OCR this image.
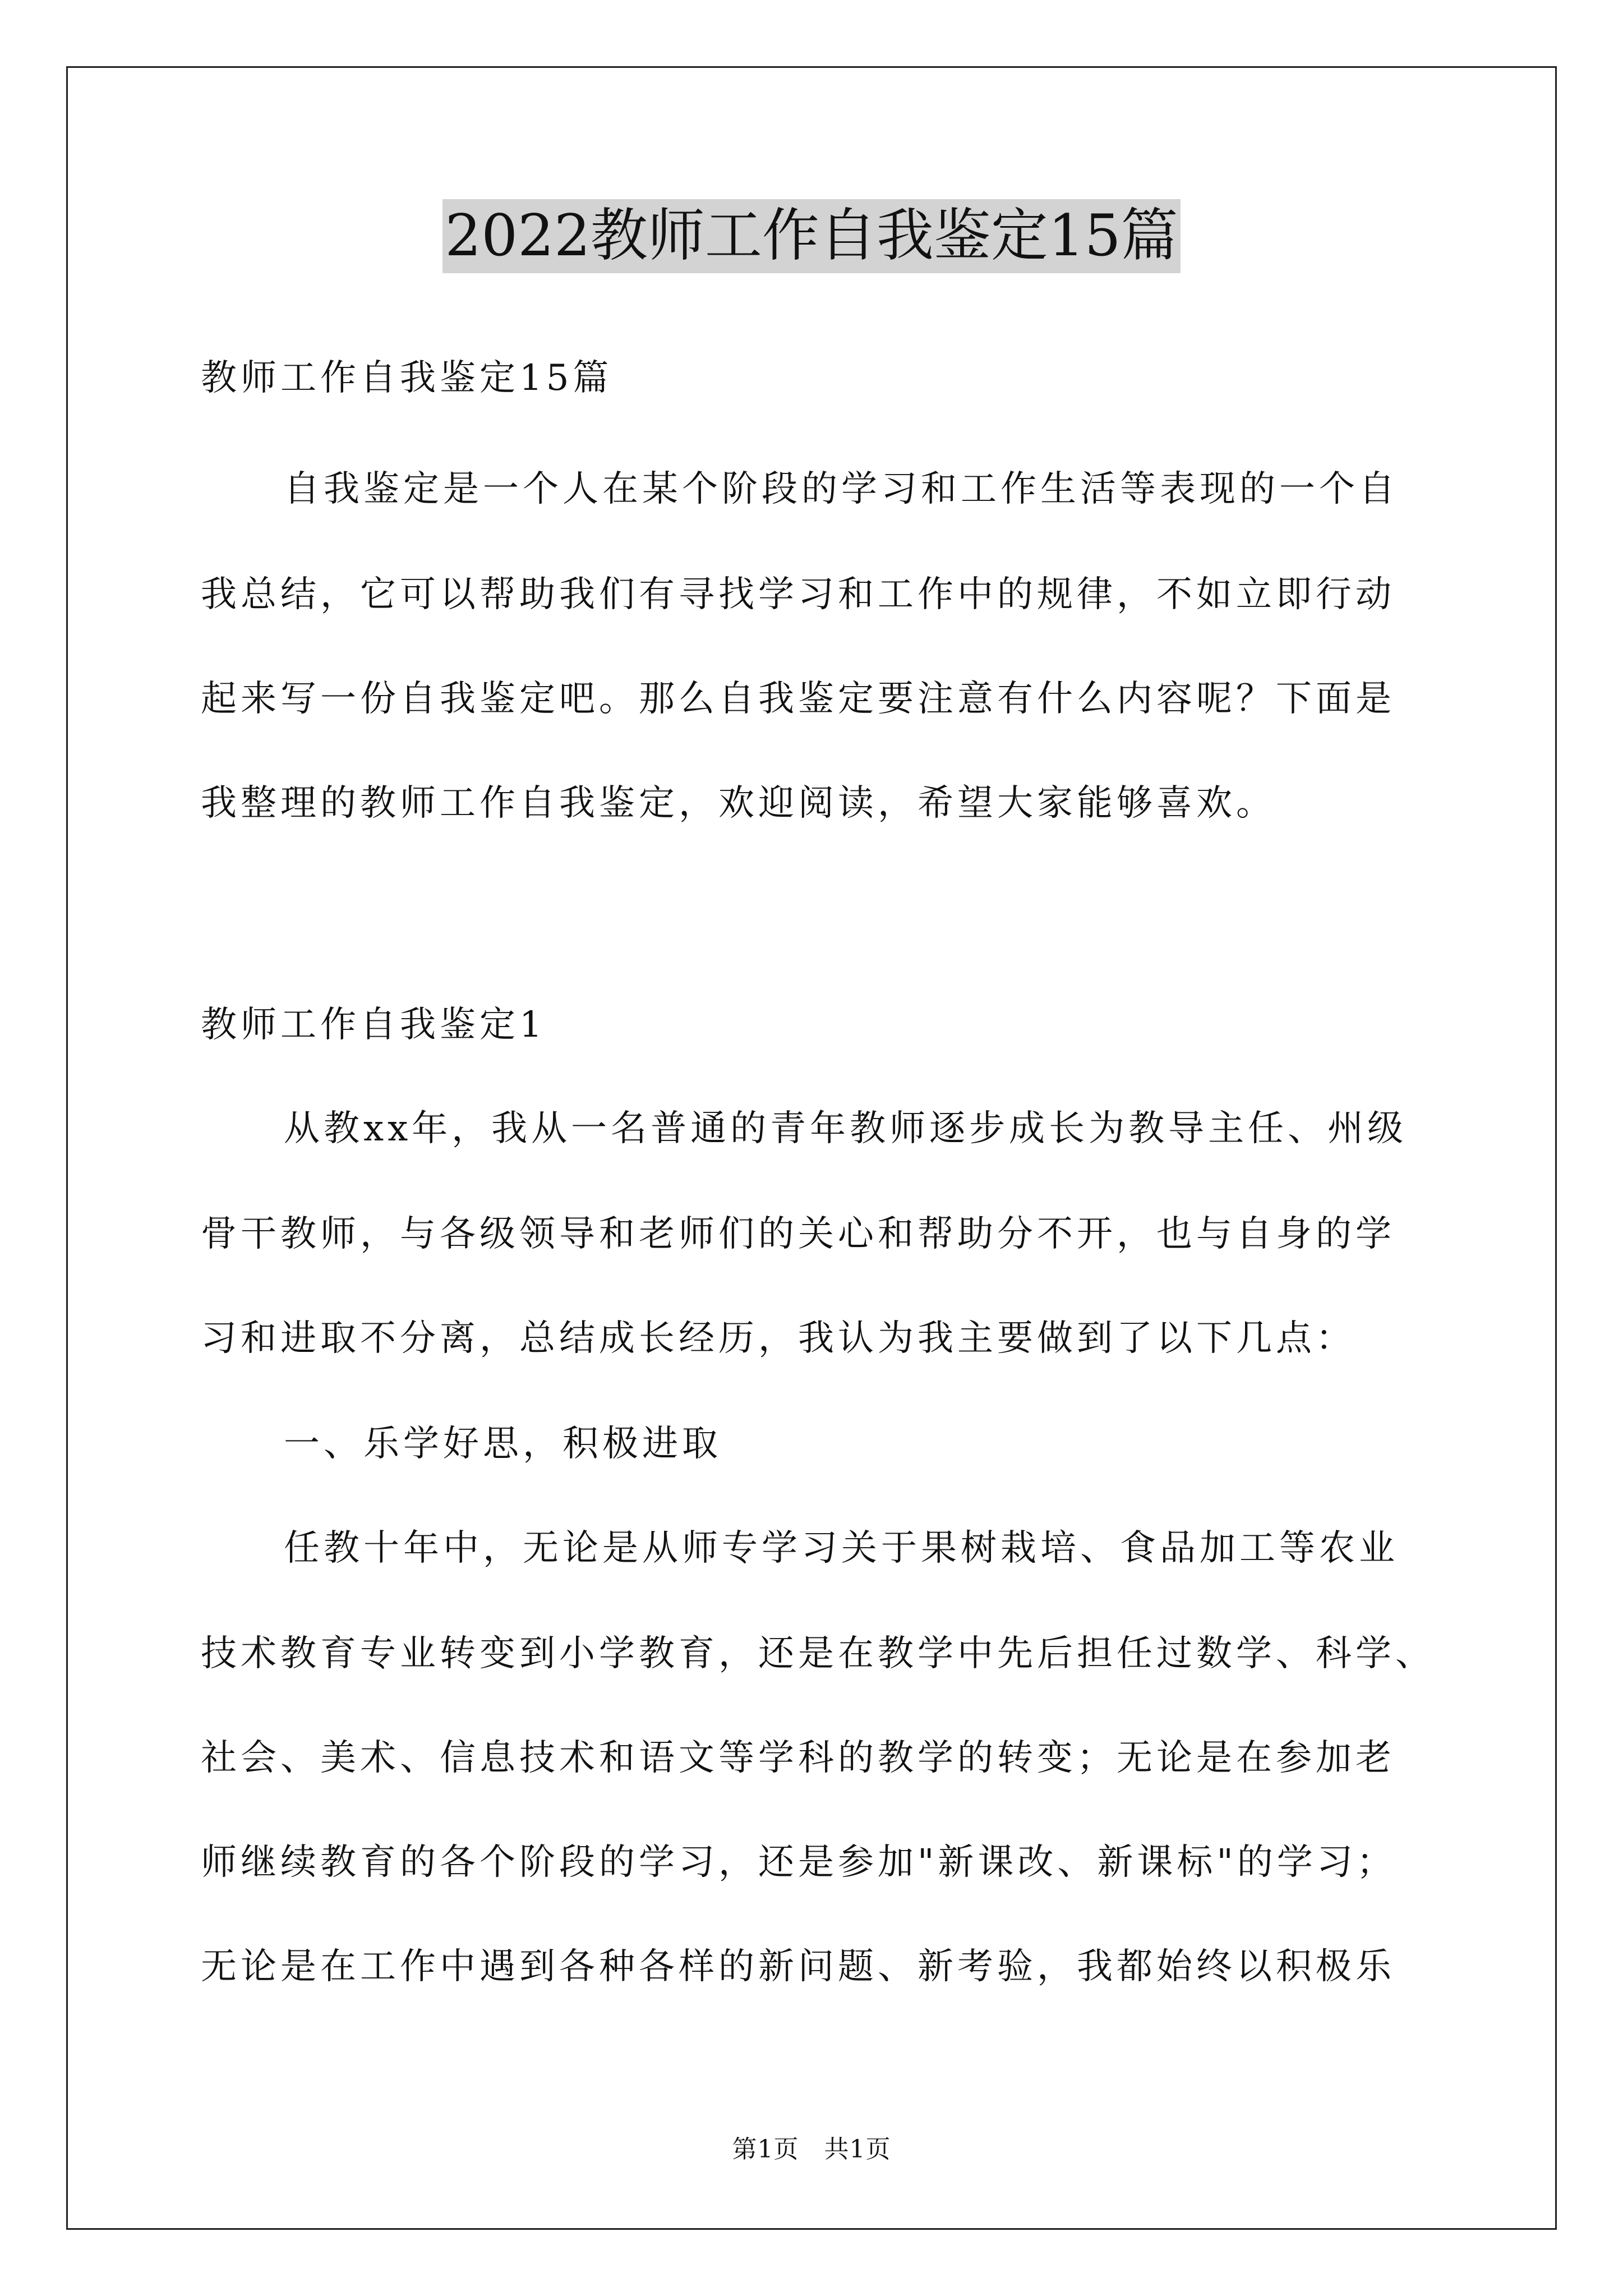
2022教师工作自我鉴定15篇
教师工作自我鉴定15篇
自我鉴定是一个人在某个阶段的学习和工作生活等表现的一个自
我总结，它可以帮助我们有寻找学习和工作中的规律，不如立即行动
起来写一份自我鉴定吧。那么自我鉴定要注意有什么内容呢？下面是
我整理的教师工作自我鉴定，欢迎阅读，希望大家能够喜欢。
教师工作自我鉴定1
从教xx年，我从一名普通的青年教师逐步成长为教导主任、州级
骨干教师，与各级领导和老师们的关心和帮助分不开，也与自身的学
习和进取不分离，总结成长经历，我认为我主要做到了以下几点：
一、乐学好思，积极进取
任教十年中，无论是从师专学习关于果树栽培、食品加工等农业
技术教育专业转变到小学教育，还是在教学中先后担任过数学、科学、
社会、美术、信息技术和语文等学科的教学的转变；无论是在参加老
师继续教育的各个阶段的学习，还是参加"新课改、新课标"的学习；
无论是在工作中遇到各种各样的新问题、新考验，我都始终以积极乐
第1页　共1页
